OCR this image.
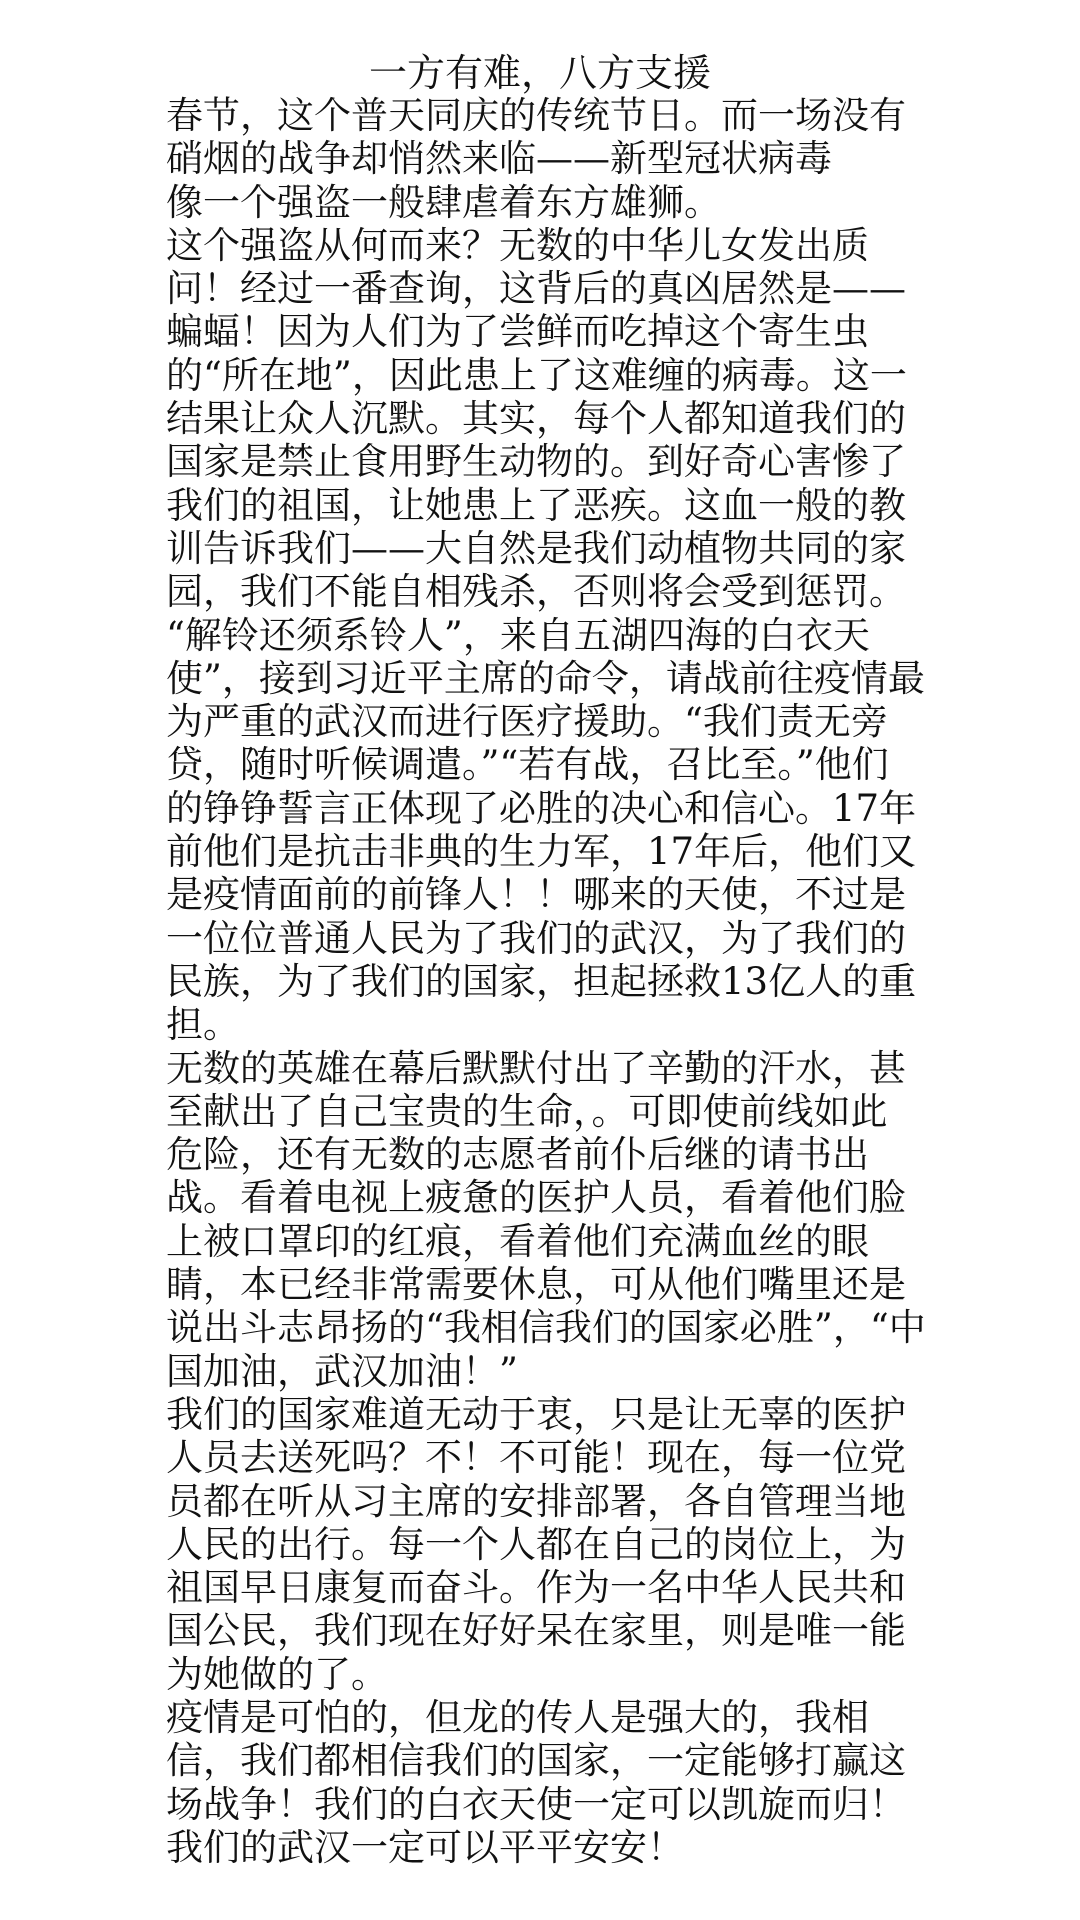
一方有难，八方支援
春节，这个普天同庆的传统节日。而一场没有
硝烟的战争却悄然来临——新型冠状病毒
像一个强盗一般肆虐着东方雄狮。
这个强盗从何而来？无数的中华儿女发出质
问！经过一番查询，这背后的真凶居然是——
蝙蝠！因为人们为了尝鲜而吃掉这个寄生虫
的“所在地”，因此患上了这难缠的病毒。这一
结果让众人沉默。其实，每个人都知道我们的
国家是禁止食用野生动物的。到好奇心害惨了
我们的祖国，让她患上了恶疾。这血一般的教
训告诉我们——大自然是我们动植物共同的家
园，我们不能自相残杀，否则将会受到惩罚。
“解铃还须系铃人”，来自五湖四海的白衣天
使”，接到习近平主席的命令，请战前往疫情最
为严重的武汉而进行医疗援助。“我们责无旁
贷，随时听候调遣。”“若有战，召比至。”他们
的铮铮誓言正体现了必胜的决心和信心。17年
前他们是抗击非典的生力军，17年后，他们又
是疫情面前的前锋人！！哪来的天使，不过是
一位位普通人民为了我们的武汉，为了我们的
民族，为了我们的国家，担起拯救13亿人的重
担。
无数的英雄在幕后默默付出了辛勤的汗水，甚
至献出了自己宝贵的生命，。可即使前线如此
危险，还有无数的志愿者前仆后继的请书出
战。看着电视上疲惫的医护人员，看着他们脸
上被口罩印的红痕，看着他们充满血丝的眼
睛，本已经非常需要休息，可从他们嘴里还是
说出斗志昂扬的“我相信我们的国家必胜”，“中
国加油，武汉加油！”
我们的国家难道无动于衷，只是让无辜的医护
人员去送死吗？不！不可能！现在，每一位党
员都在听从习主席的安排部署，各自管理当地
人民的出行。每一个人都在自己的岗位上，为
祖国早日康复而奋斗。作为一名中华人民共和
国公民，我们现在好好呆在家里，则是唯一能
为她做的了。
疫情是可怕的，但龙的传人是强大的，我相
信，我们都相信我们的国家，一定能够打赢这
场战争！我们的白衣天使一定可以凯旋而归！
我们的武汉一定可以平平安安！
